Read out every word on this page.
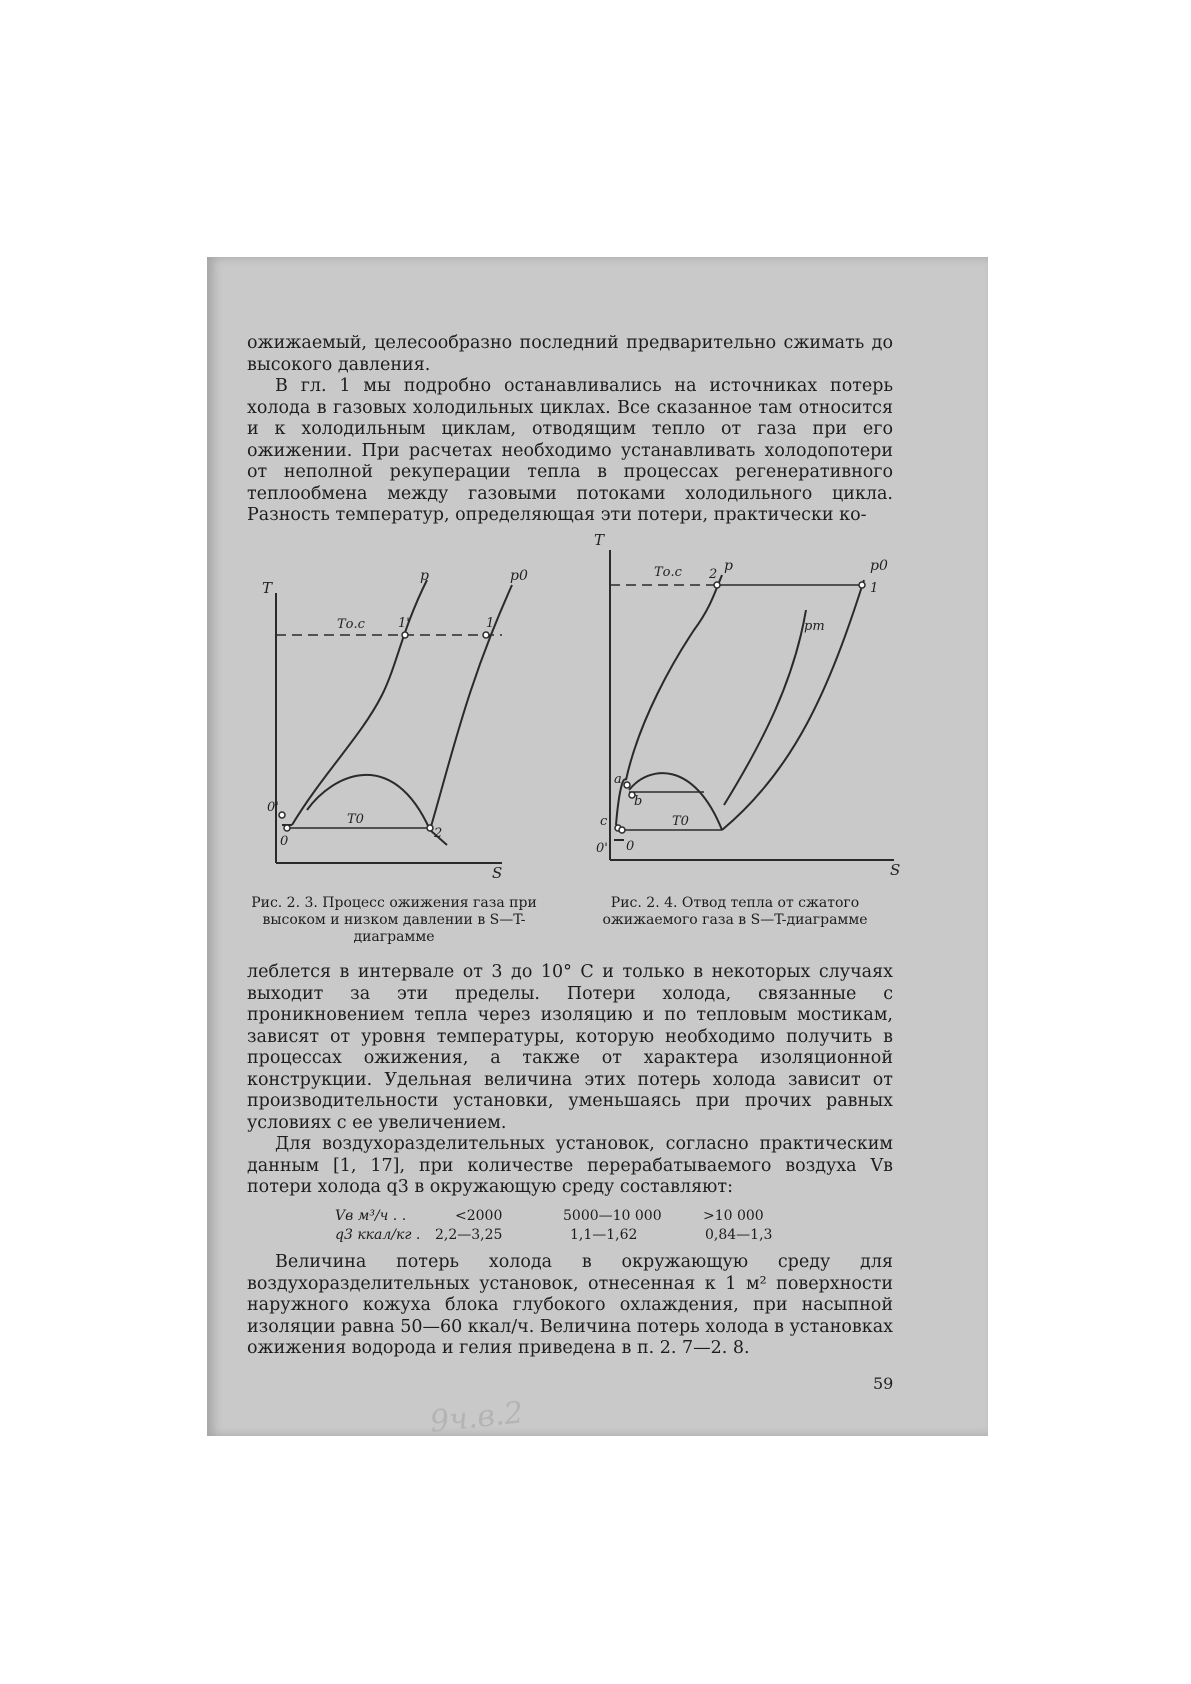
ожижаемый, целесообразно последний предварительно сжимать до высокого давления.

В гл. 1 мы подробно останавливались на источниках потерь холода в газовых холодильных циклах. Все сказанное там относится и к холодильным циклам, отводящим тепло от газа при его ожижении. При расчетах необходимо устанавливать холодопотери от неполной рекуперации тепла в процессах регенеративного теплообмена между газовыми потоками холодильного цикла. Разность температур, определяющая эти потери, практически ко-

T
S
p	p0
Tо.с	1'	1
0'
0
T0
2
Рис. 2. 3. Процесс ожижения газа при высоком и низком давлении в S—T-диаграмме
T
S
p	p0
pm
Tо.с 2
1
a
b
c
0' 0
T0
Рис. 2. 4. Отвод тепла от сжатого ожижаемого газа в S—T-диаграмме

леблется в интервале от 3 до 10° С и только в некоторых случаях выходит за эти пределы. Потери холода, связанные с проникновением тепла через изоляцию и по тепловым мостикам, зависят от уровня температуры, которую необходимо получить в процессах ожижения, а также от характера изоляционной конструкции. Удельная величина этих потерь холода зависит от производительности установки, уменьшаясь при прочих равных условиях с ее увеличением.

Для воздухоразделительных установок, согласно практическим данным [1, 17], при количестве перерабатываемого воздуха Vв потери холода q3 в окружающую среду составляют:

Vв м³/ч . .	<2000	5000—10 000	>10 000
q3 ккал/кг . 2,2—3,25	1,1—1,62	0,84—1,3

Величина потерь холода в окружающую среду для воздухоразделительных установок, отнесенная к 1 м² поверхности наружного кожуха блока глубокого охлаждения, при насыпной изоляции равна 50—60 ккал/ч. Величина потерь холода в установках ожижения водорода и гелия приведена в п. 2. 7—2. 8.

59
9ч.в.2
